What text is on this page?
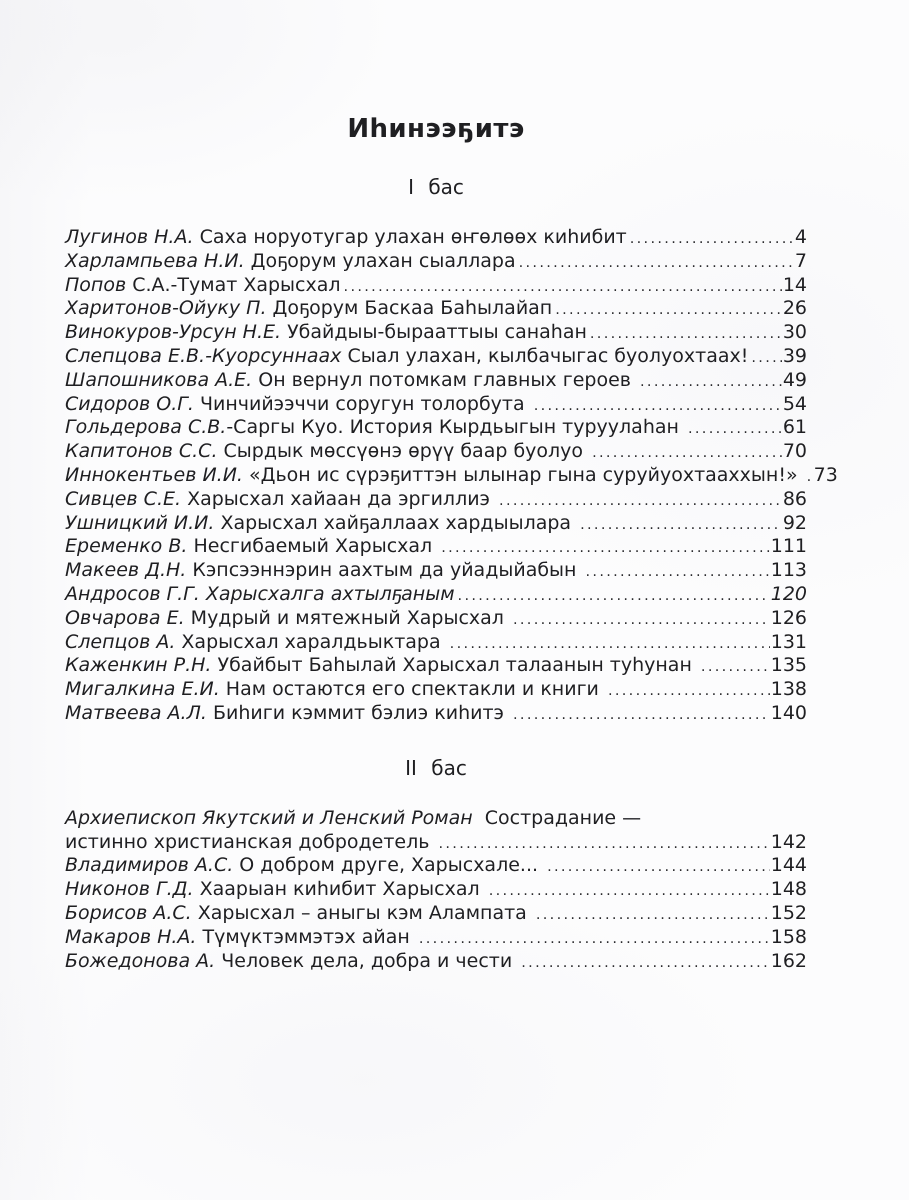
Иһинээҕитэ
I бас
Лугинов Н.А. Саха норуотугар улахан өҥөлөөх киһибит .....	4
Харлампьева Н.И. Доҕорум улахан сыаллара .....	7
Попов С.А.-Тумат Харысхал .....	14
Харитонов-Ойуку П. Доҕорум Баскаа Баһылайап .....	26
Винокуров-Урсун Н.Е. Убайдыы-бырааттыы санаһан .....	30
Слепцова Е.В.-Куорсуннаах Сыал улахан, кылбачыгас буолуохтаах! ..... 39
Шапошникова А.Е. Он вернул потомкам главных героев .....	49
Сидоров О.Г. Чинчийээччи соругун толорбута .....	54
Гольдерова С.В. -Саргы Куо. История Кырдьыгын туруулаһан .....	61
Капитонов С.С. Сырдык мөссүөнэ өрүү баар буолуо .....	70
Иннокентьев И.И. «Дьон ис сүрэҕиттэн ылынар гына суруйуохтааххын!» ..... 73
Сивцев С.Е. Харысхал хайаан да эргиллиэ .....	86
Ушницкий И.И. Харысхал хайҕаллаах хардыылара .....	92
Еременко В. Несгибаемый Харысхал .....	111
Макеев Д.Н. Кэпсээннэрин аахтым да уйадыйабын .....	113
Андросов Г.Г. Харысхалга ахтылҕаным .....	120
Овчарова Е. Мудрый и мятежный Харысхал .....	126
Слепцов А. Харысхал харалдьыктара .....	131
Каженкин Р.Н. Убайбыт Баһылай Харысхал талаанын туһунан .....	135
Мигалкина Е.И. Нам остаются его спектакли и книги .....	138
Матвеева А.Л. Биһиги кэммит бэлиэ киһитэ .....	140
II бас
Архиепископ Якутский и Ленский Роман Сострадание —
истинно христианская добродетель .....	142
Владимиров А.С. О добром друге, Харысхале... .....	144
Никонов Г.Д. Хаарыан киһибит Харысхал .....	148
Борисов А.С. Харысхал – аныгы кэм Алампата .....	152
Макаров Н.А. Түмүктэммэтэх айан .....	158
Божедонова А. Человек дела, добра и чести .....	162
